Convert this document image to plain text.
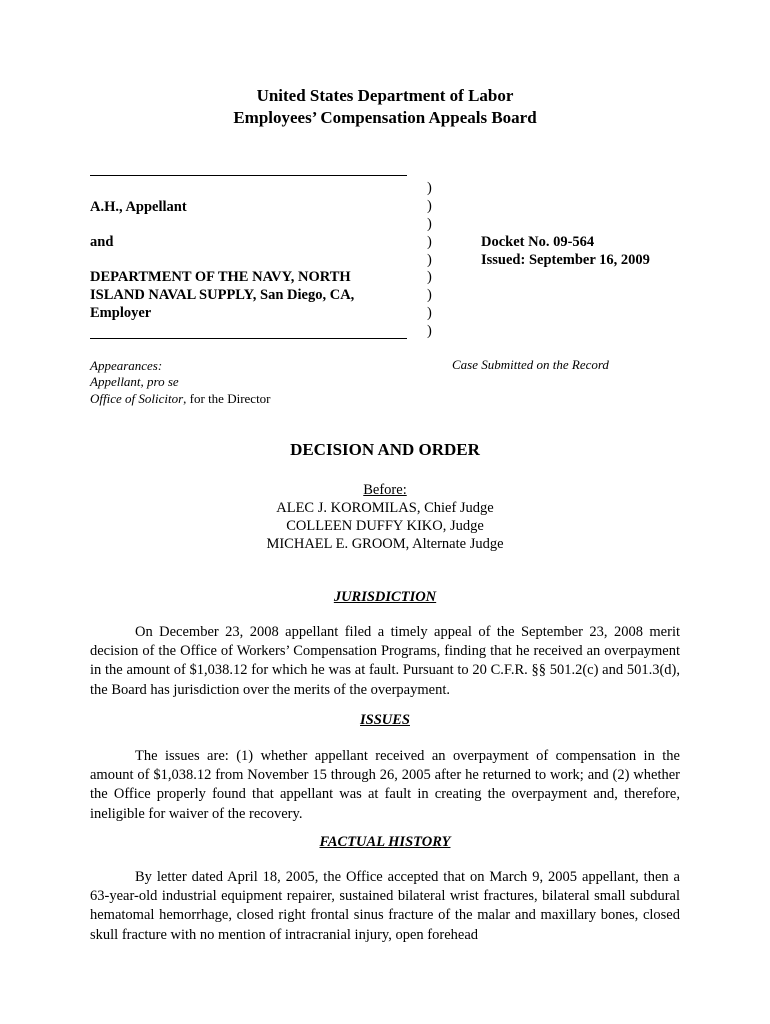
United States Department of Labor
Employees’ Compensation Appeals Board
A.H., Appellant
and
DEPARTMENT OF THE NAVY, NORTH
ISLAND NAVAL SUPPLY, San Diego, CA,
Employer
)
)
)
)
)
)
)
)
)
Docket No. 09-564
Issued: September 16, 2009
Appearances:
Appellant, pro se
Office of Solicitor, for the Director
Case Submitted on the Record
DECISION AND ORDER
Before:
ALEC J. KOROMILAS, Chief Judge
COLLEEN DUFFY KIKO, Judge
MICHAEL E. GROOM, Alternate Judge
JURISDICTION
On December 23, 2008 appellant filed a timely appeal of the September 23, 2008 merit decision of the Office of Workers’ Compensation Programs, finding that he received an overpayment in the amount of $1,038.12 for which he was at fault. Pursuant to 20 C.F.R. §§ 501.2(c) and 501.3(d), the Board has jurisdiction over the merits of the overpayment.
ISSUES
The issues are: (1) whether appellant received an overpayment of compensation in the amount of $1,038.12 from November 15 through 26, 2005 after he returned to work; and (2) whether the Office properly found that appellant was at fault in creating the overpayment and, therefore, ineligible for waiver of the recovery.
FACTUAL HISTORY
By letter dated April 18, 2005, the Office accepted that on March 9, 2005 appellant, then a 63-year-old industrial equipment repairer, sustained bilateral wrist fractures, bilateral small subdural hematomal hemorrhage, closed right frontal sinus fracture of the malar and maxillary bones, closed skull fracture with no mention of intracranial injury, open forehead
